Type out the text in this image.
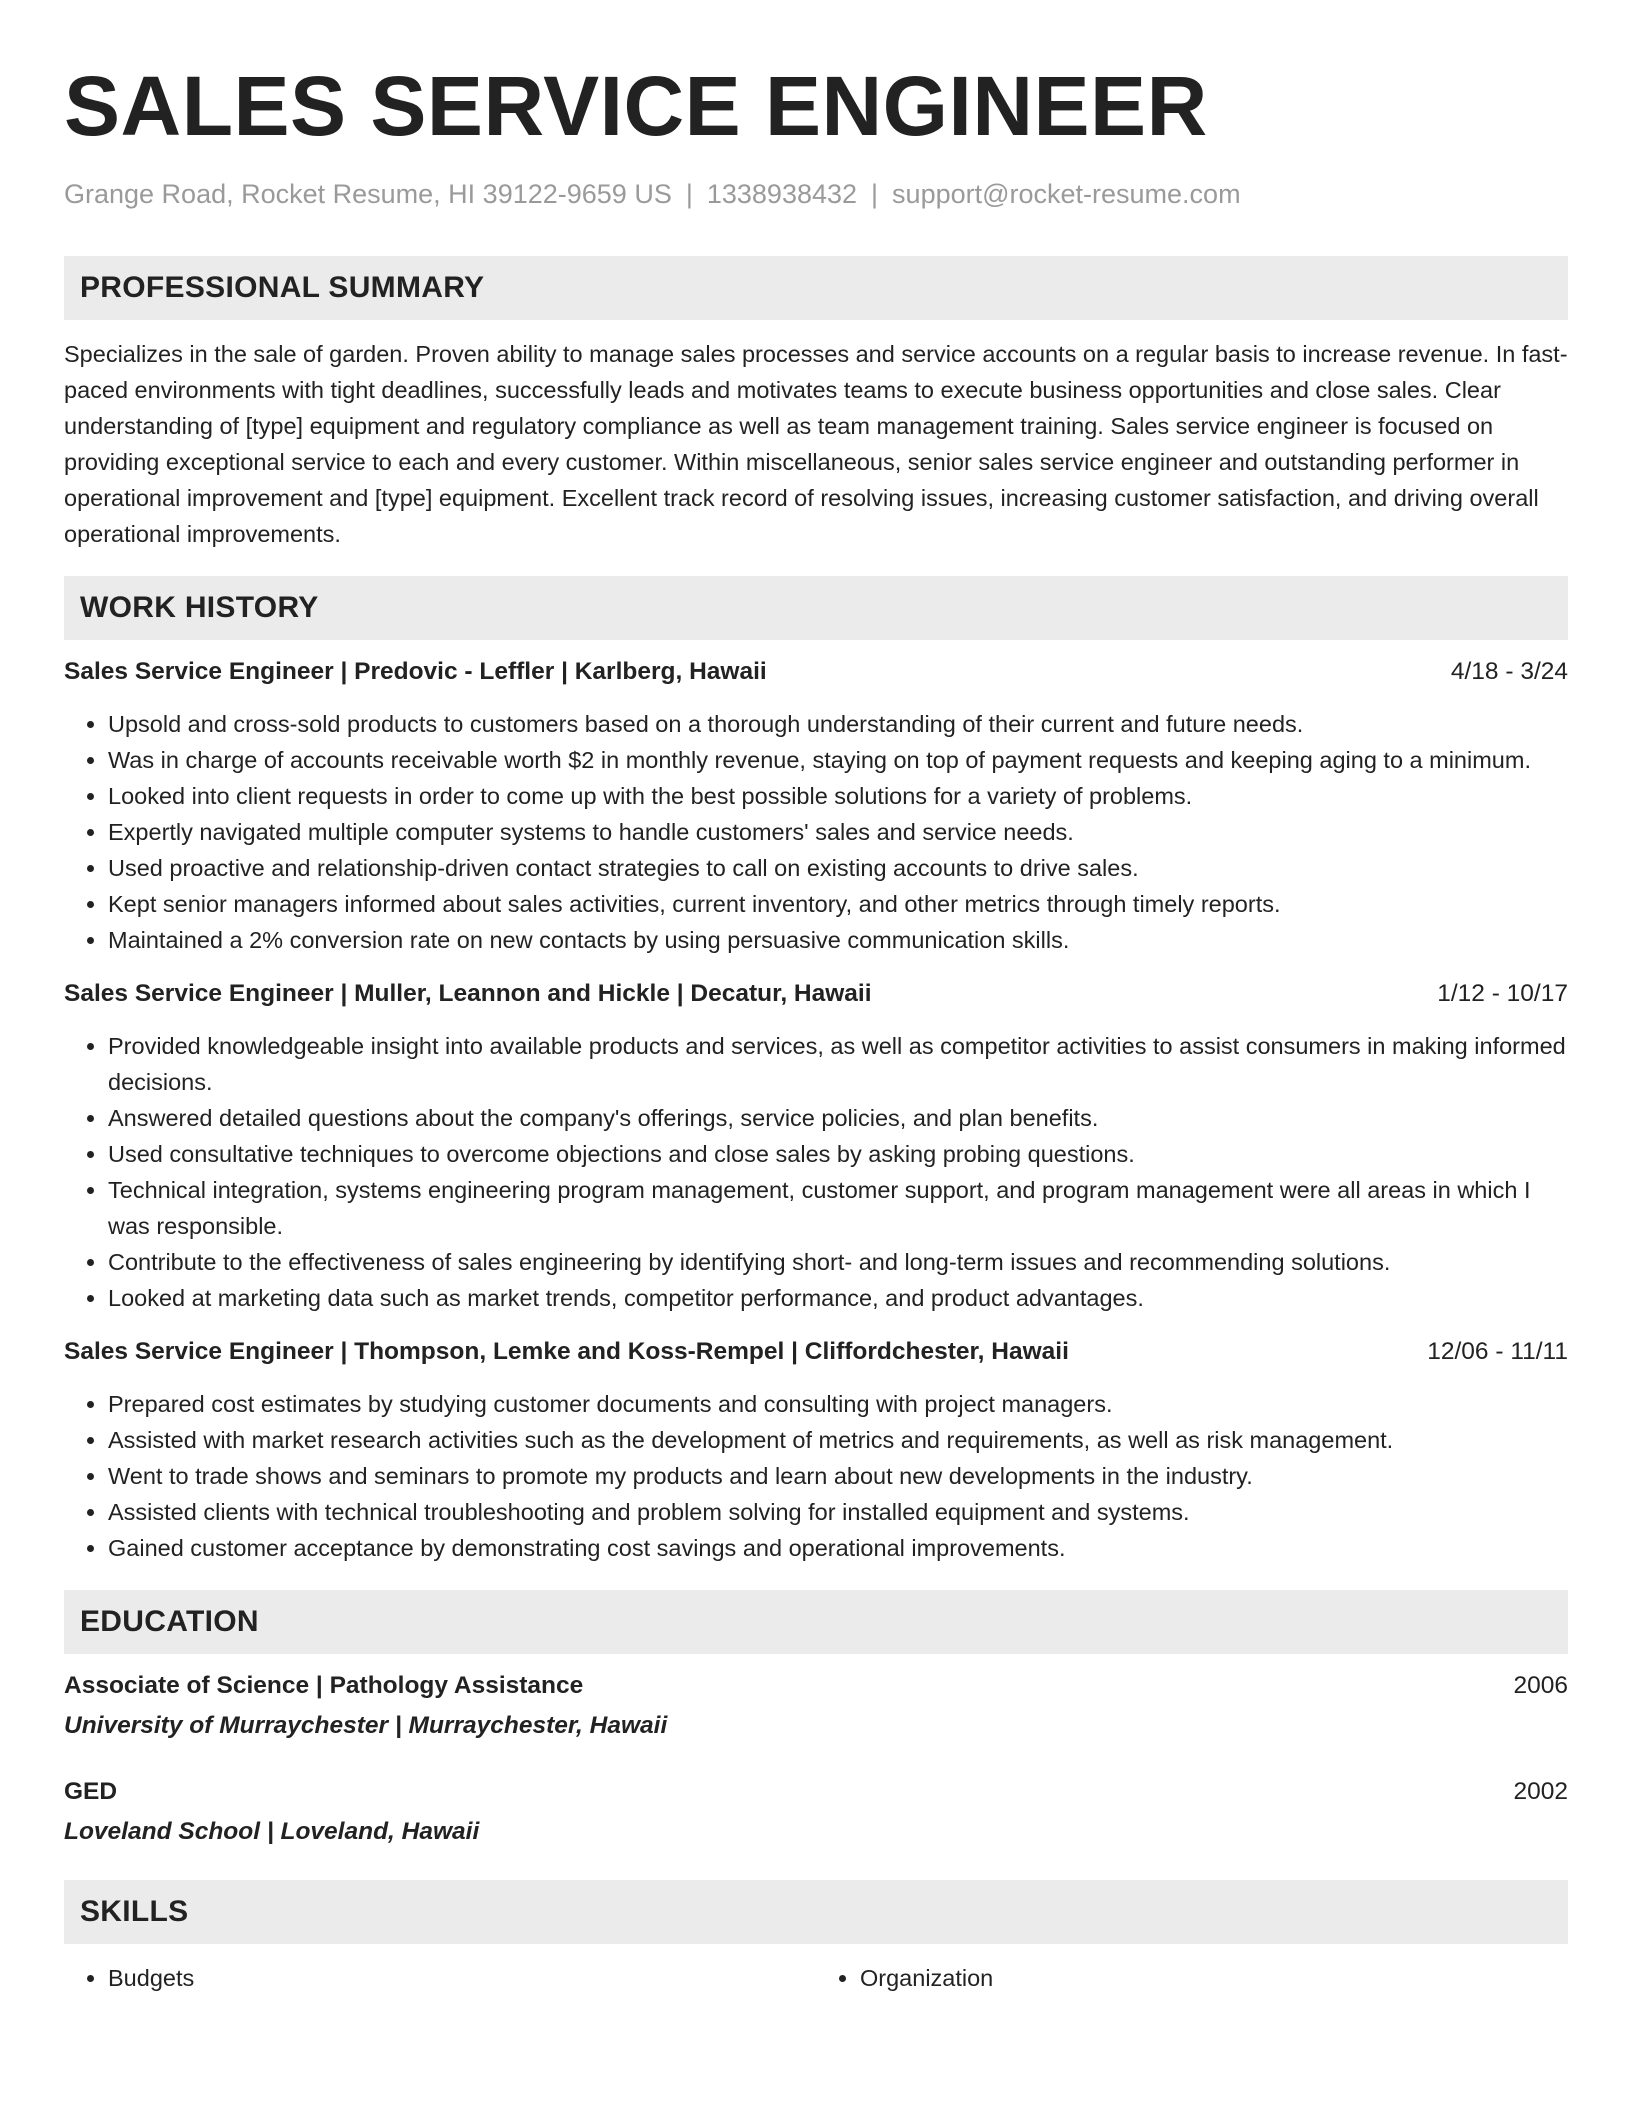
SALES SERVICE ENGINEER
Grange Road, Rocket Resume, HI 39122-9659 US | 1338938432 | support@rocket-resume.com
PROFESSIONAL SUMMARY
Specializes in the sale of garden. Proven ability to manage sales processes and service accounts on a regular basis to increase revenue. In fast-paced environments with tight deadlines, successfully leads and motivates teams to execute business opportunities and close sales. Clear understanding of [type] equipment and regulatory compliance as well as team management training. Sales service engineer is focused on providing exceptional service to each and every customer. Within miscellaneous, senior sales service engineer and outstanding performer in operational improvement and [type] equipment. Excellent track record of resolving issues, increasing customer satisfaction, and driving overall operational improvements.
WORK HISTORY
Sales Service Engineer | Predovic - Leffler | Karlberg, Hawaii	4/18 - 3/24
• Upsold and cross-sold products to customers based on a thorough understanding of their current and future needs.
• Was in charge of accounts receivable worth $2 in monthly revenue, staying on top of payment requests and keeping aging to a minimum.
• Looked into client requests in order to come up with the best possible solutions for a variety of problems.
• Expertly navigated multiple computer systems to handle customers' sales and service needs.
• Used proactive and relationship-driven contact strategies to call on existing accounts to drive sales.
• Kept senior managers informed about sales activities, current inventory, and other metrics through timely reports.
• Maintained a 2% conversion rate on new contacts by using persuasive communication skills.
Sales Service Engineer | Muller, Leannon and Hickle | Decatur, Hawaii	1/12 - 10/17
• Provided knowledgeable insight into available products and services, as well as competitor activities to assist consumers in making informed decisions.
• Answered detailed questions about the company's offerings, service policies, and plan benefits.
• Used consultative techniques to overcome objections and close sales by asking probing questions.
• Technical integration, systems engineering program management, customer support, and program management were all areas in which I was responsible.
• Contribute to the effectiveness of sales engineering by identifying short- and long-term issues and recommending solutions.
• Looked at marketing data such as market trends, competitor performance, and product advantages.
Sales Service Engineer | Thompson, Lemke and Koss-Rempel | Cliffordchester, Hawaii	12/06 - 11/11
• Prepared cost estimates by studying customer documents and consulting with project managers.
• Assisted with market research activities such as the development of metrics and requirements, as well as risk management.
• Went to trade shows and seminars to promote my products and learn about new developments in the industry.
• Assisted clients with technical troubleshooting and problem solving for installed equipment and systems.
• Gained customer acceptance by demonstrating cost savings and operational improvements.
EDUCATION
Associate of Science | Pathology Assistance	2006
University of Murraychester | Murraychester, Hawaii
GED	2002
Loveland School | Loveland, Hawaii
SKILLS
• Budgets
•	Organization
